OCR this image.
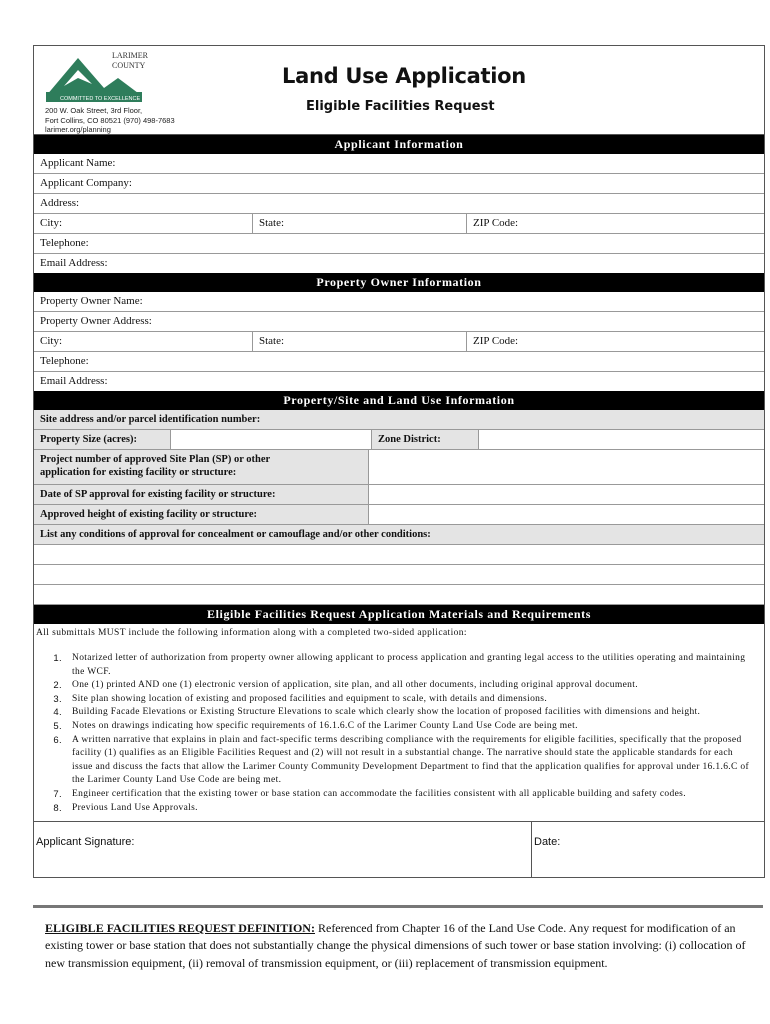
COMMITTED TO EXCELLENCE
LARIMER
COUNTY
200 W. Oak Street, 3rd Floor,
Fort Collins, CO 80521 (970) 498-7683
larimer.org/planning
Land Use Application
Eligible Facilities Request
Applicant Information
Applicant Name:
Applicant Company:
Address:
City:	State:	ZIP Code:
Telephone:
Email Address:
Property Owner Information
Property Owner Name:
Property Owner Address:
City:	State:	ZIP Code:
Telephone:
Email Address:
Property/Site and Land Use Information
Site address and/or parcel identification number:
Property Size (acres):	Zone District:
Project number of approved Site Plan (SP) or other
application for existing facility or structure:
Date of SP approval for existing facility or structure:
Approved height of existing facility or structure:
List any conditions of approval for concealment or camouflage and/or other conditions:
Eligible Facilities Request Application Materials and Requirements
All submittals MUST include the following information along with a completed two-sided application:
1.	Notarized letter of authorization from property owner allowing applicant to process application and granting legal access to the utilities operating and maintaining the WCF.
2.	One (1) printed AND one (1) electronic version of application, site plan, and all other documents, including original approval document.
3.	Site plan showing location of existing and proposed facilities and equipment to scale, with details and dimensions.
4.	Building Facade Elevations or Existing Structure Elevations to scale which clearly show the location of proposed facilities with dimensions and height.
5.	Notes on drawings indicating how specific requirements of 16.1.6.C of the Larimer County Land Use Code are being met.
6.	A written narrative that explains in plain and fact-specific terms describing compliance with the requirements for eligible facilities, specifically that the proposed facility (1) qualifies as an Eligible Facilities Request and (2) will not result in a substantial change. The narrative should state the applicable standards for each issue and discuss the facts that allow the Larimer County Community Development Department to find that the application qualifies for approval under 16.1.6.C of the Larimer County Land Use Code are being met.
7.	Engineer certification that the existing tower or base station can accommodate the facilities consistent with all applicable building and safety codes.
8.	Previous Land Use Approvals.
Applicant Signature:	Date:
ELIGIBLE FACILITIES REQUEST DEFINITION: Referenced from Chapter 16 of the Land Use Code. Any request for modification of an existing tower or base station that does not substantially change the physical dimensions of such tower or base station involving: (i) collocation of new transmission equipment, (ii) removal of transmission equipment, or (iii) replacement of transmission equipment.
